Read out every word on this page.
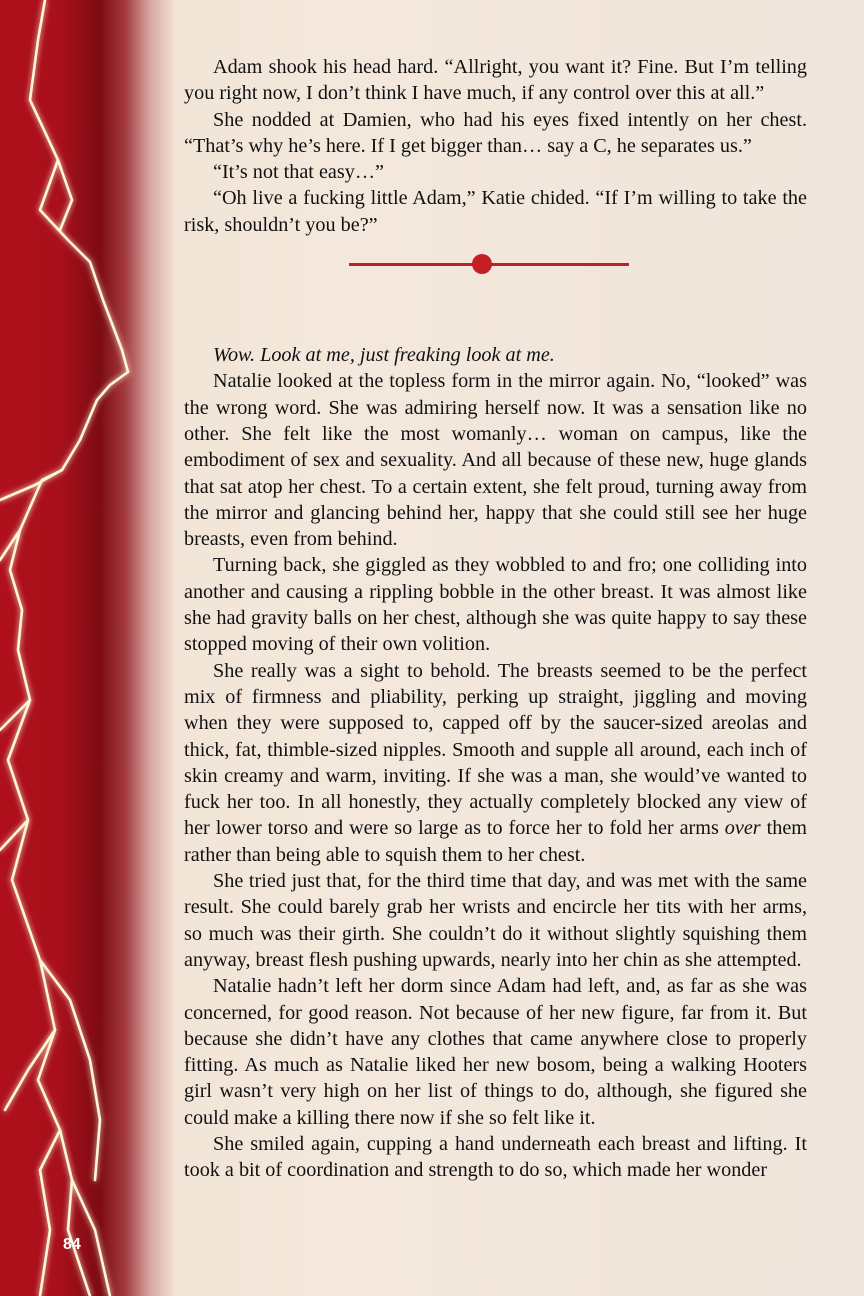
Adam shook his head hard. “Allright, you want it? Fine. But I’m telling you right now, I don’t think I have much, if any control over this at all.”

She nodded at Damien, who had his eyes fixed intently on her chest. “That’s why he’s here. If I get bigger than… say a C, he separates us.”

“It’s not that easy…”

“Oh live a fucking little Adam,” Katie chided. “If I’m willing to take the risk, shouldn’t you be?”

Wow. Look at me, just freaking look at me.

Natalie looked at the topless form in the mirror again. No, “looked” was the wrong word. She was admiring herself now. It was a sensation like no other. She felt like the most womanly… woman on campus, like the embodiment of sex and sexuality. And all because of these new, huge glands that sat atop her chest. To a certain extent, she felt proud, turning away from the mirror and glancing behind her, happy that she could still see her huge breasts, even from behind.

Turning back, she giggled as they wobbled to and fro; one colliding into another and causing a rippling bobble in the other breast. It was almost like she had gravity balls on her chest, although she was quite happy to say these stopped moving of their own volition.

She really was a sight to behold. The breasts seemed to be the perfect mix of firmness and pliability, perking up straight, jiggling and moving when they were supposed to, capped off by the saucer-sized areolas and thick, fat, thimble-sized nipples. Smooth and supple all around, each inch of skin creamy and warm, inviting. If she was a man, she would’ve wanted to fuck her too. In all honestly, they actually completely blocked any view of her lower torso and were so large as to force her to fold her arms over them rather than being able to squish them to her chest.

She tried just that, for the third time that day, and was met with the same result. She could barely grab her wrists and encircle her tits with her arms, so much was their girth. She couldn’t do it without slightly squishing them anyway, breast flesh pushing upwards, nearly into her chin as she attempted.

Natalie hadn’t left her dorm since Adam had left, and, as far as she was concerned, for good reason. Not because of her new figure, far from it. But because she didn’t have any clothes that came anywhere close to properly fitting. As much as Natalie liked her new bosom, being a walking Hooters girl wasn’t very high on her list of things to do, although, she figured she could make a killing there now if she so felt like it.

She smiled again, cupping a hand underneath each breast and lifting. It took a bit of coordination and strength to do so, which made her wonder

84
